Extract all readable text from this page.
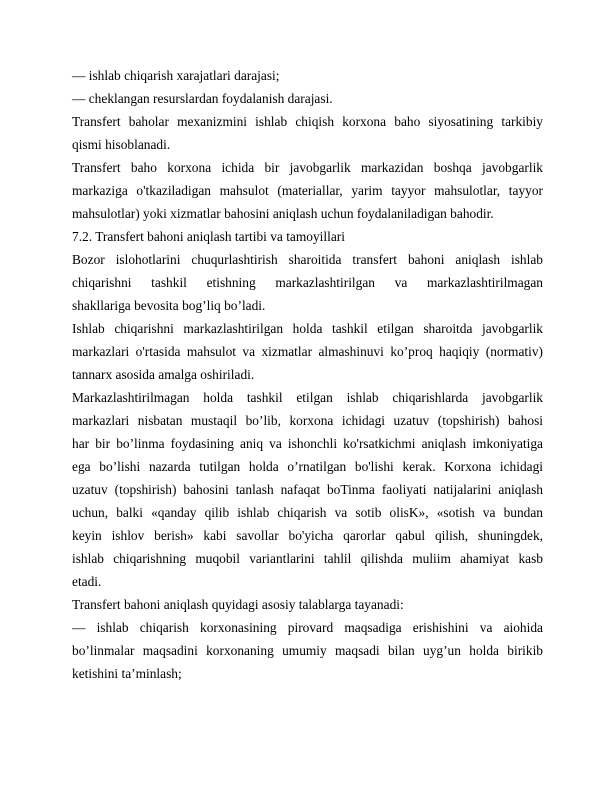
— ishlab chiqarish xarajatlari darajasi;
— cheklangan resurslardan foydalanish darajasi.
Transfert baholar mexanizmini ishlab chiqish korxona baho siyosatining tarkibiy
qismi hisoblanadi.
Transfert baho korxona ichida bir javobgarlik markazidan boshqa javobgarlik
markaziga o'tkaziladigan mahsulot (materiallar, yarim tayyor mahsulotlar, tayyor
mahsulotlar) yoki xizmatlar bahosini aniqlash uchun foydalaniladigan bahodir.
7.2. Transfert bahoni aniqlash tartibi va tamoyillari
Bozor islohotlarini chuqurlashtirish sharoitida transfert bahoni aniqlash ishlab
chiqarishni tashkil etishning markazlashtirilgan va markazlashtirilmagan
shakllariga bevosita bog’liq bo’ladi.
Ishlab chiqarishni markazlashtirilgan holda tashkil etilgan sharoitda javobgarlik
markazlari o'rtasida mahsulot va xizmatlar almashinuvi ko’proq haqiqiy (normativ)
tannarx asosida amalga oshiriladi.
Markazlashtirilmagan holda tashkil etilgan ishlab chiqarishlarda javobgarlik
markazlari nisbatan mustaqil bo’lib, korxona ichidagi uzatuv (topshirish) bahosi
har bir bo’linma foydasining aniq va ishonchli ko'rsatkichmi aniqlash imkoniyatiga
ega bo’lishi nazarda tutilgan holda o’rnatilgan bo'lishi kerak. Korxona ichidagi
uzatuv (topshirish) bahosini tanlash nafaqat boTinma faoliyati natijalarini aniqlash
uchun, balki «qanday qilib ishlab chiqarish va sotib olisK», «sotish va bundan
keyin ishlov berish» kabi savollar bo'yicha qarorlar qabul qilish, shuningdek,
ishlab chiqarishning muqobil variantlarini tahlil qilishda muliim ahamiyat kasb
etadi.
Transfert bahoni aniqlash quyidagi asosiy talablarga tayanadi:
— ishlab chiqarish korxonasining pirovard maqsadiga erishishini va aiohida
bo’linmalar maqsadini korxonaning umumiy maqsadi bilan uyg’un holda birikib
ketishini ta’minlash;
